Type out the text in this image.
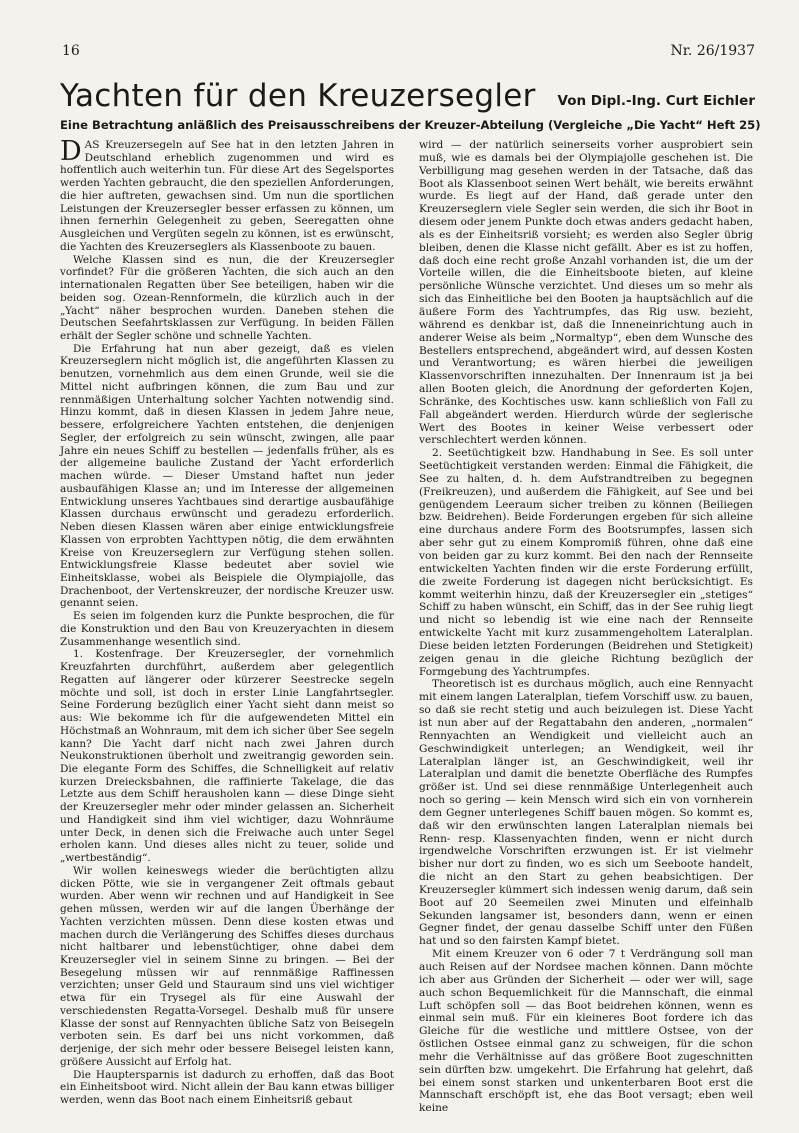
16	Nr. 26/1937
Yachten für den Kreuzersegler Von Dipl.-Ing. Curt Eichler
Eine Betrachtung anläßlich des Preisausschreibens der Kreuzer-Abteilung (Vergleiche „Die Yacht“ Heft 25)

DAS Kreuzersegeln auf See hat in den letzten Jahren in Deutschland erheblich zugenommen und wird es hoffentlich auch weiterhin tun. Für diese Art des Segelsportes werden Yachten gebraucht, die den speziellen Anforderungen, die hier auftreten, gewachsen sind. Um nun die sportlichen Leistungen der Kreuzersegler besser erfassen zu können, um ihnen fernerhin Gelegenheit zu geben, Seeregatten ohne Ausgleichen und Vergüten segeln zu können, ist es erwünscht, die Yachten des Kreuzerseglers als Klassenboote zu bauen.

Welche Klassen sind es nun, die der Kreuzersegler vorfindet? Für die größeren Yachten, die sich auch an den internationalen Regatten über See beteiligen, haben wir die beiden sog. Ozean-Rennformeln, die kürzlich auch in der „Yacht“ näher besprochen wurden. Daneben stehen die Deutschen Seefahrtsklassen zur Verfügung. In beiden Fällen erhält der Segler schöne und schnelle Yachten.

Die Erfahrung hat nun aber gezeigt, daß es vielen Kreuzerseglern nicht möglich ist, die angeführten Klassen zu benutzen, vornehmlich aus dem einen Grunde, weil sie die Mittel nicht aufbringen können, die zum Bau und zur rennmäßigen Unterhaltung solcher Yachten notwendig sind. Hinzu kommt, daß in diesen Klassen in jedem Jahre neue, bessere, erfolgreichere Yachten entstehen, die denjenigen Segler, der erfolgreich zu sein wünscht, zwingen, alle paar Jahre ein neues Schiff zu bestellen — jedenfalls früher, als es der allgemeine bauliche Zustand der Yacht erforderlich machen würde. — Dieser Umstand haftet nun jeder ausbaufähigen Klasse an; und im Interesse der allgemeinen Entwicklung unseres Yachtbaues sind derartige ausbaufähige Klassen durchaus erwünscht und geradezu erforderlich. Neben diesen Klassen wären aber einige entwicklungsfreie Klassen von erprobten Yachttypen nötig, die dem erwähnten Kreise von Kreuzerseglern zur Verfügung stehen sollen. Entwicklungsfreie Klasse bedeutet aber soviel wie Einheitsklasse, wobei als Beispiele die Olympiajolle, das Drachenboot, der Vertenskreuzer, der nordische Kreuzer usw. genannt seien.

Es seien im folgenden kurz die Punkte besprochen, die für die Konstruktion und den Bau von Kreuzeryachten in diesem Zusammenhange wesentlich sind.

1. Kostenfrage. Der Kreuzersegler, der vornehmlich Kreuzfahrten durchführt, außerdem aber gelegentlich Regatten auf längerer oder kürzerer Seestrecke segeln möchte und soll, ist doch in erster Linie Langfahrtsegler. Seine Forderung bezüglich einer Yacht sieht dann meist so aus: Wie bekomme ich für die aufgewendeten Mittel ein Höchstmaß an Wohnraum, mit dem ich sicher über See segeln kann? Die Yacht darf nicht nach zwei Jahren durch Neukonstruktionen überholt und zweitrangig geworden sein. Die elegante Form des Schiffes, die Schnelligkeit auf relativ kurzen Dreiecksbahnen, die raffinierte Takelage, die das Letzte aus dem Schiff herausholen kann — diese Dinge sieht der Kreuzersegler mehr oder minder gelassen an. Sicherheit und Handigkeit sind ihm viel wichtiger, dazu Wohnräume unter Deck, in denen sich die Freiwache auch unter Segel erholen kann. Und dieses alles nicht zu teuer, solide und „wertbeständig“.

Wir wollen keineswegs wieder die berüchtigten allzu dicken Pötte, wie sie in vergangener Zeit oftmals gebaut wurden. Aber wenn wir rechnen und auf Handigkeit in See gehen müssen, werden wir auf die langen Überhänge der Yachten verzichten müssen. Denn diese kosten etwas und machen durch die Verlängerung des Schiffes dieses durchaus nicht haltbarer und lebenstüchtiger, ohne dabei dem Kreuzersegler viel in seinem Sinne zu bringen. — Bei der Besegelung müssen wir auf rennmäßige Raffinessen verzichten; unser Geld und Stauraum sind uns viel wichtiger etwa für ein Trysegel als für eine Auswahl der verschiedensten Regatta-Vorsegel. Deshalb muß für unsere Klasse der sonst auf Rennyachten übliche Satz von Beisegeln verboten sein. Es darf bei uns nicht vorkommen, daß derjenige, der sich mehr oder bessere Beisegel leisten kann, größere Aussicht auf Erfolg hat.

Die Hauptersparnis ist dadurch zu erhoffen, daß das Boot ein Einheitsboot wird. Nicht allein der Bau kann etwas billiger werden, wenn das Boot nach einem Einheitsriß gebaut

wird — der natürlich seinerseits vorher ausprobiert sein muß, wie es damals bei der Olympiajolle geschehen ist. Die Verbilligung mag gesehen werden in der Tatsache, daß das Boot als Klassenboot seinen Wert behält, wie bereits erwähnt wurde. Es liegt auf der Hand, daß gerade unter den Kreuzerseglern viele Segler sein werden, die sich ihr Boot in diesem oder jenem Punkte doch etwas anders gedacht haben, als es der Einheitsriß vorsieht; es werden also Segler übrig bleiben, denen die Klasse nicht gefällt. Aber es ist zu hoffen, daß doch eine recht große Anzahl vorhanden ist, die um der Vorteile willen, die die Einheitsboote bieten, auf kleine persönliche Wünsche verzichtet. Und dieses um so mehr als sich das Einheitliche bei den Booten ja hauptsächlich auf die äußere Form des Yachtrumpfes, das Rig usw. bezieht, während es denkbar ist, daß die Inneneinrichtung auch in anderer Weise als beim „Normaltyp“, eben dem Wunsche des Bestellers entsprechend, abgeändert wird, auf dessen Kosten und Verantwortung; es wären hierbei die jeweiligen Klassenvorschriften innezuhalten. Der Innenraum ist ja bei allen Booten gleich, die Anordnung der geforderten Kojen, Schränke, des Kochtisches usw. kann schließlich von Fall zu Fall abgeändert werden. Hierdurch würde der seglerische Wert des Bootes in keiner Weise verbessert oder verschlechtert werden können.

2. Seetüchtigkeit bzw. Handhabung in See. Es soll unter Seetüchtigkeit verstanden werden: Einmal die Fähigkeit, die See zu halten, d. h. dem Aufstrandtreiben zu begegnen (Freikreuzen), und außerdem die Fähigkeit, auf See und bei genügendem Leeraum sicher treiben zu können (Beiliegen bzw. Beidrehen). Beide Forderungen ergeben für sich alleine eine durchaus andere Form des Bootsrumpfes, lassen sich aber sehr gut zu einem Kompromiß führen, ohne daß eine von beiden gar zu kurz kommt. Bei den nach der Rennseite entwickelten Yachten finden wir die erste Forderung erfüllt, die zweite Forderung ist dagegen nicht berücksichtigt. Es kommt weiterhin hinzu, daß der Kreuzersegler ein „stetiges“ Schiff zu haben wünscht, ein Schiff, das in der See ruhig liegt und nicht so lebendig ist wie eine nach der Rennseite entwickelte Yacht mit kurz zusammengeholtem Lateralplan. Diese beiden letzten Forderungen (Beidrehen und Stetigkeit) zeigen genau in die gleiche Richtung bezüglich der Formgebung des Yachtrumpfes.

Theoretisch ist es durchaus möglich, auch eine Rennyacht mit einem langen Lateralplan, tiefem Vorschiff usw. zu bauen, so daß sie recht stetig und auch beizulegen ist. Diese Yacht ist nun aber auf der Regattabahn den anderen, „normalen“ Rennyachten an Wendigkeit und vielleicht auch an Geschwindigkeit unterlegen; an Wendigkeit, weil ihr Lateralplan länger ist, an Geschwindigkeit, weil ihr Lateralplan und damit die benetzte Oberfläche des Rumpfes größer ist. Und sei diese rennmäßige Unterlegenheit auch noch so gering — kein Mensch wird sich ein von vornherein dem Gegner unterlegenes Schiff bauen mögen. So kommt es, daß wir den erwünschten langen Lateralplan niemals bei Renn- resp. Klassenyachten finden, wenn er nicht durch irgendwelche Vorschriften erzwungen ist. Er ist vielmehr bisher nur dort zu finden, wo es sich um Seeboote handelt, die nicht an den Start zu gehen beabsichtigen. Der Kreuzersegler kümmert sich indessen wenig darum, daß sein Boot auf 20 Seemeilen zwei Minuten und elfeinhalb Sekunden langsamer ist, besonders dann, wenn er einen Gegner findet, der genau dasselbe Schiff unter den Füßen hat und so den fairsten Kampf bietet.

Mit einem Kreuzer von 6 oder 7 t Verdrängung soll man auch Reisen auf der Nordsee machen können. Dann möchte ich aber aus Gründen der Sicherheit — oder wer will, sage auch schon Bequemlichkeit für die Mannschaft, die einmal Luft schöpfen soll — das Boot beidrehen können, wenn es einmal sein muß. Für ein kleineres Boot fordere ich das Gleiche für die westliche und mittlere Ostsee, von der östlichen Ostsee einmal ganz zu schweigen, für die schon mehr die Verhältnisse auf das größere Boot zugeschnitten sein dürften bzw. umgekehrt. Die Erfahrung hat gelehrt, daß bei einem sonst starken und unkenterbaren Boot erst die Mannschaft erschöpft ist, ehe das Boot versagt; eben weil keine
